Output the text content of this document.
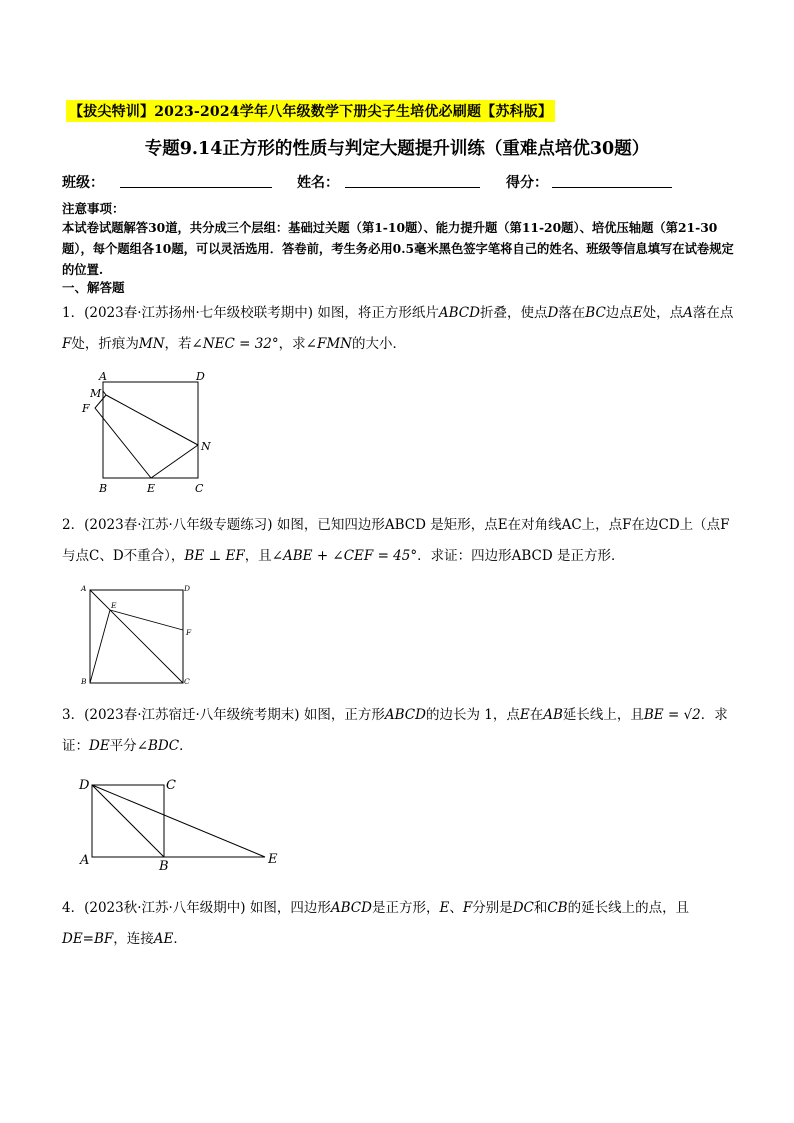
【拔尖特训】2023-2024学年八年级数学下册尖子生培优必刷题【苏科版】
专题9.14正方形的性质与判定大题提升训练（重难点培优30题）
班级：	姓名：	得分：
注意事项：
本试卷试题解答30道，共分成三个层组：基础过关题（第1-10题）、能力提升题（第11-20题）、培优压轴题（第21-30题），每个题组各10题，可以灵活选用．答卷前，考生务必用0.5毫米黑色签字笔将自己的姓名、班级等信息填写在试卷规定的位置.
一、解答题
1．(2023春·江苏扬州·七年级校联考期中) 如图，将正方形纸片ABCD折叠，使点D落在BC边点E处，点A落在点F处，折痕为MN，若∠NEC = 32°，求∠FMN的大小．
A	D
M
F
N
B	E	C
2．(2023春·江苏·八年级专题练习) 如图，已知四边形ABCD 是矩形，点E在对角线AC上，点F在边CD上（点F与点C、D不重合），BE ⊥ EF，且∠ABE + ∠CEF = 45°．求证：四边形ABCD 是正方形．
A	D
E
F
B	C
3．(2023春·江苏宿迁·八年级统考期末) 如图，正方形ABCD的边长为 1，点E在AB延长线上，且BE = √2．求证：DE平分∠BDC．
D	C
A	B	E
4．(2023秋·江苏·八年级期中) 如图，四边形ABCD是正方形，E、F分别是DC和CB的延长线上的点，且DE=BF，连接AE．
